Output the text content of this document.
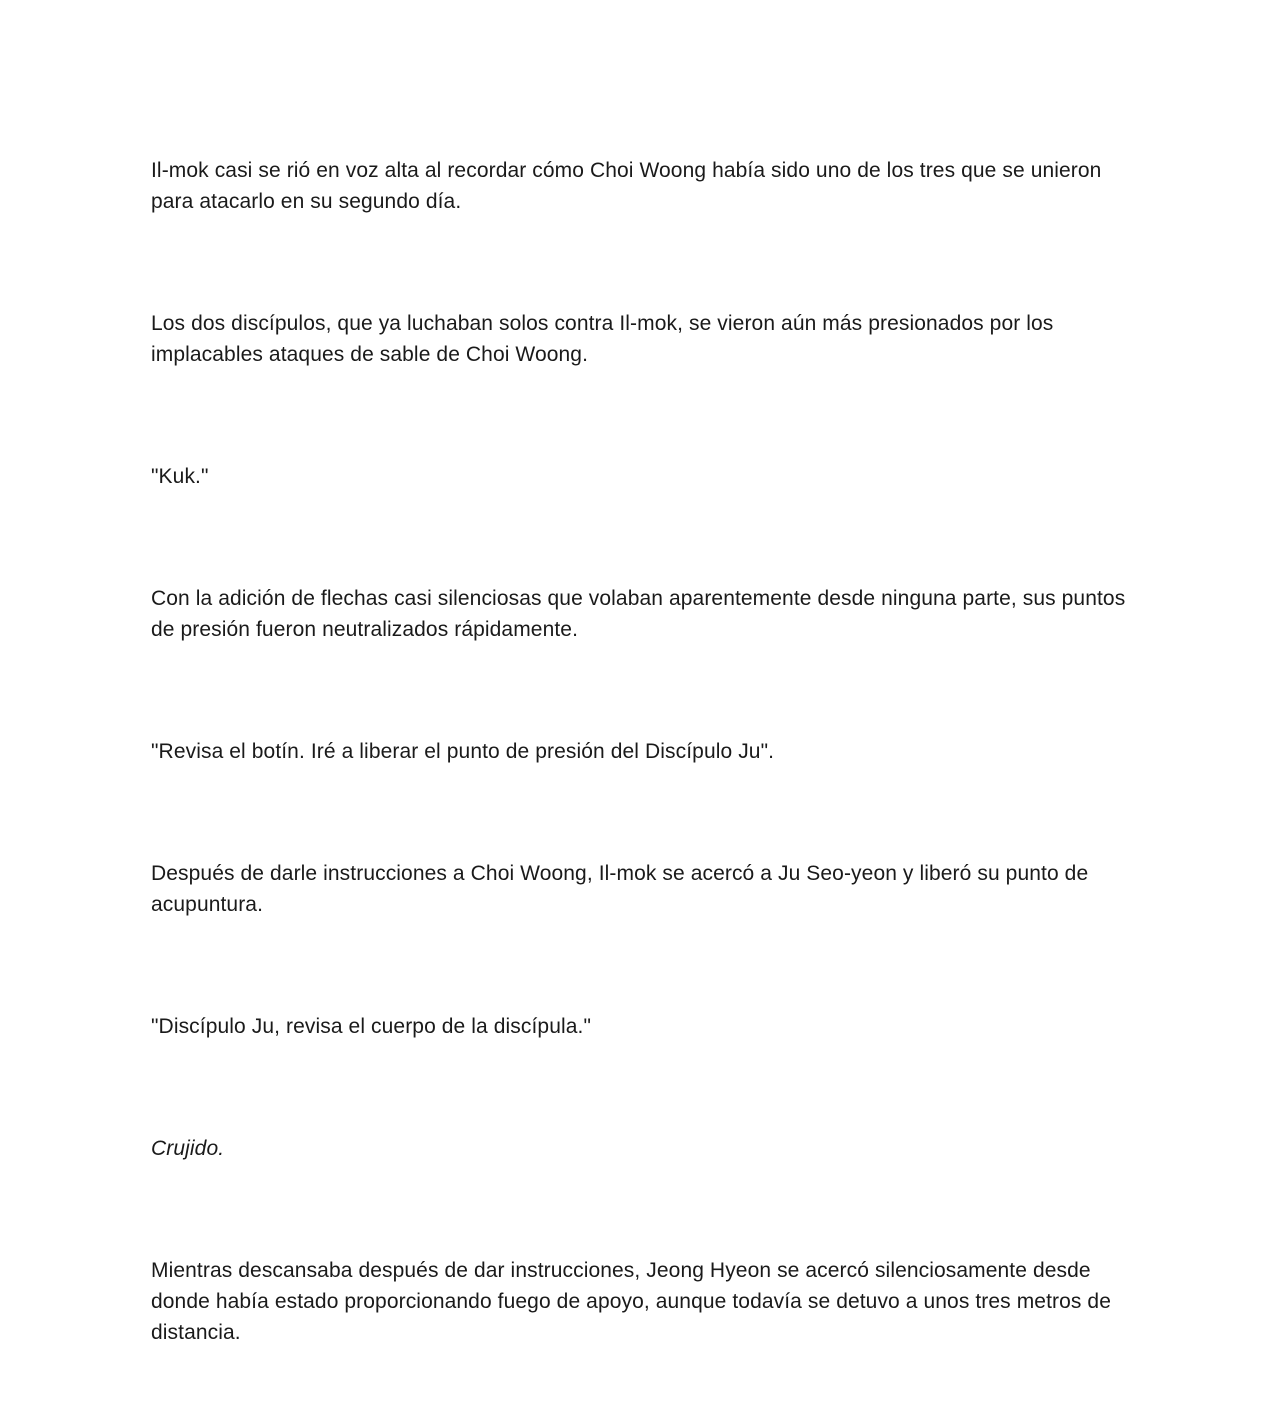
Il-mok casi se rió en voz alta al recordar cómo Choi Woong había sido uno de los tres que se unieron para atacarlo en su segundo día.

Los dos discípulos, que ya luchaban solos contra Il-mok, se vieron aún más presionados por los implacables ataques de sable de Choi Woong.

"Kuk."

Con la adición de flechas casi silenciosas que volaban aparentemente desde ninguna parte, sus puntos de presión fueron neutralizados rápidamente.

"Revisa el botín. Iré a liberar el punto de presión del Discípulo Ju".

Después de darle instrucciones a Choi Woong, Il-mok se acercó a Ju Seo-yeon y liberó su punto de acupuntura.

"Discípulo Ju, revisa el cuerpo de la discípula."

Crujido.

Mientras descansaba después de dar instrucciones, Jeong Hyeon se acercó silenciosamente desde donde había estado proporcionando fuego de apoyo, aunque todavía se detuvo a unos tres metros de distancia.
